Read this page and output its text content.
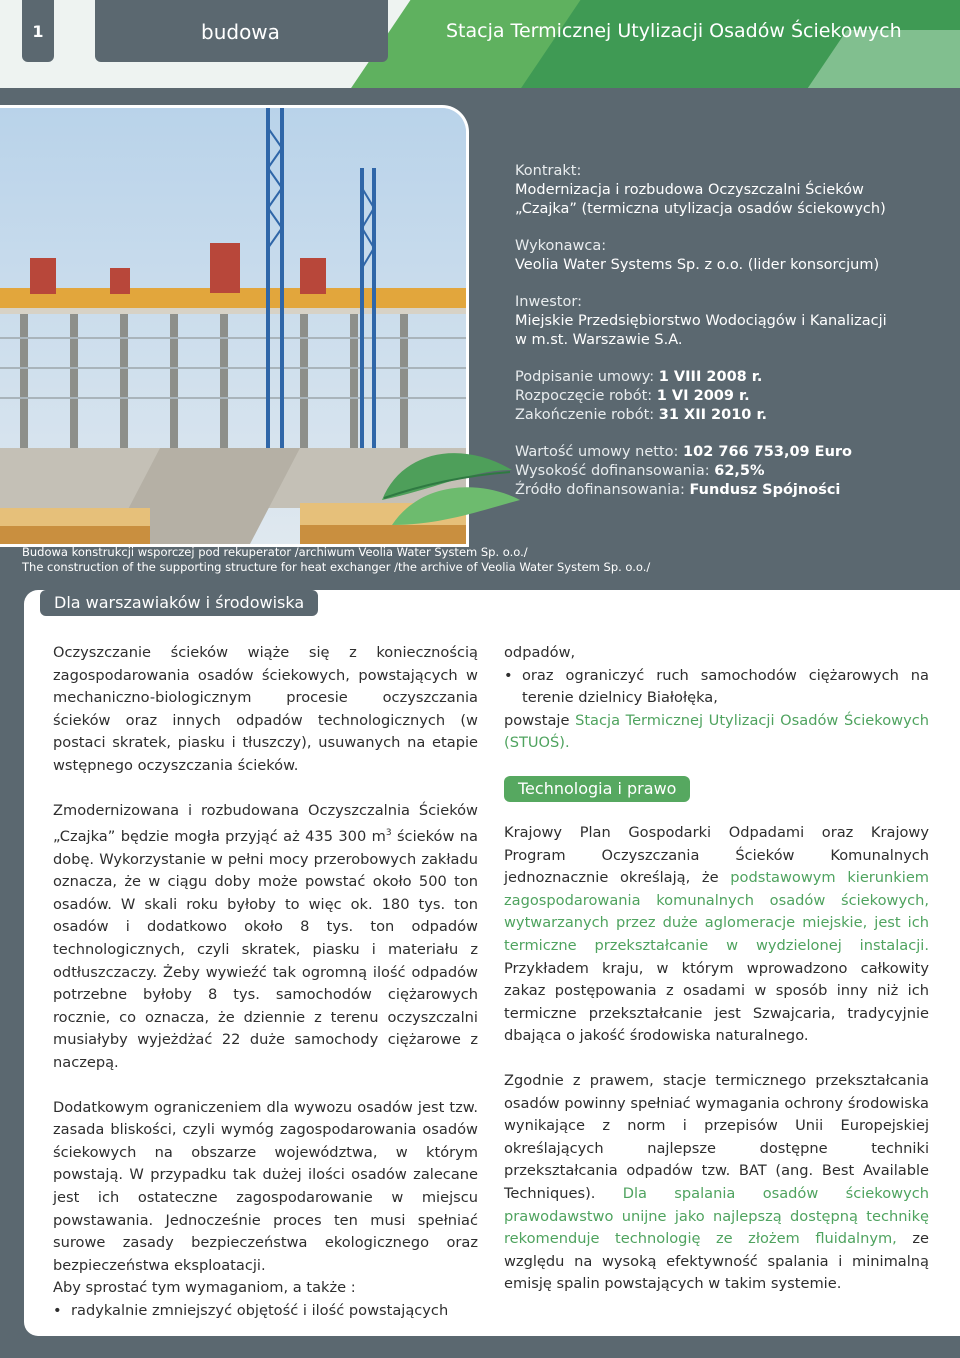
1	budowa	Stacja Termicznej Utylizacji Osadów Ściekowych
Kontrakt:
Modernizacja i rozbudowa Oczyszczalni Ścieków
„Czajka” (termiczna utylizacja osadów ściekowych)
Wykonawca:
Veolia Water Systems Sp. z o.o. (lider konsorcjum)
Inwestor:
Miejskie Przedsiębiorstwo Wodociągów i Kanalizacji
w m.st. Warszawie S.A.
Podpisanie umowy: 1 VIII 2008 r.
Rozpoczęcie robót: 1 VI 2009 r.
Zakończenie robót: 31 XII 2010 r.
Wartość umowy netto: 102 766 753,09 Euro
Wysokość dofinansowania: 62,5%
Źródło dofinansowania: Fundusz Spójności
Budowa konstrukcji wsporczej pod rekuperator /archiwum Veolia Water System Sp. o.o./
The construction of the supporting structure for heat exchanger /the archive of Veolia Water System Sp. o.o./
Dla warszawiaków i środowiska

Oczyszczanie ścieków wiąże się z koniecznością zagospodarowania osadów ściekowych, powstających w mechaniczno-biologicznym procesie oczyszczania ścieków oraz innych odpadów technologicznych (w postaci skratek, piasku i tłuszczy), usuwanych na etapie wstępnego oczyszczania ścieków.

Zmodernizowana i rozbudowana Oczyszczalnia Ścieków „Czajka” będzie mogła przyjąć aż 435 300 $m^3$ ścieków na dobę. Wykorzystanie w pełni mocy przerobowych zakładu oznacza, że w ciągu doby może powstać około 500 ton osadów. W skali roku byłoby to więc ok. 180 tys. ton osadów i dodatkowo około 8 tys. ton odpadów technologicznych, czyli skratek, piasku i materiału z odtłuszczaczy. Żeby wywieźć tak ogromną ilość odpadów potrzebne byłoby 8 tys. samochodów ciężarowych rocznie, co oznacza, że dziennie z terenu oczyszczalni musiałyby wyjeżdżać 22 duże samochody ciężarowe z naczepą.

Dodatkowym ograniczeniem dla wywozu osadów jest tzw. zasada bliskości, czyli wymóg zagospodarowania osadów ściekowych na obszarze województwa, w którym powstają. W przypadku tak dużej ilości osadów zalecane jest ich ostateczne zagospodarowanie w miejscu powstawania. Jednocześnie proces ten musi spełniać surowe zasady bezpieczeństwa ekologicznego oraz bezpieczeństwa eksploatacji.

Aby sprostać tym wymaganiom, a także :

• radykalnie zmniejszyć objętość i ilość powstających
odpadów,
• oraz ograniczyć ruch samochodów ciężarowych na terenie dzielnicy Białołęka,
powstaje Stacja Termicznej Utylizacji Osadów Ściekowych (STUOŚ).
Technologia i prawo

Krajowy Plan Gospodarki Odpadami oraz Krajowy Program Oczyszczania Ścieków Komunalnych jednoznacznie określają, że podstawowym kierunkiem zagospodarowania komunalnych osadów ściekowych, wytwarzanych przez duże aglomeracje miejskie, jest ich termiczne przekształcanie w wydzielonej instalacji. Przykładem kraju, w którym wprowadzono całkowity zakaz postępowania z osadami w sposób inny niż ich termiczne przekształcanie jest Szwajcaria, tradycyjnie dbająca o jakość środowiska naturalnego.

Zgodnie z prawem, stacje termicznego przekształcania osadów powinny spełniać wymagania ochrony środowiska wynikające z norm i przepisów Unii Europejskiej określających najlepsze dostępne techniki przekształcania odpadów tzw. BAT (ang. Best Available Techniques). Dla spalania osadów ściekowych prawodawstwo unijne jako najlepszą dostępną technikę rekomenduje technologię ze złożem fluidalnym, ze względu na wysoką efektywność spalania i minimalną emisję spalin powstających w takim systemie.
